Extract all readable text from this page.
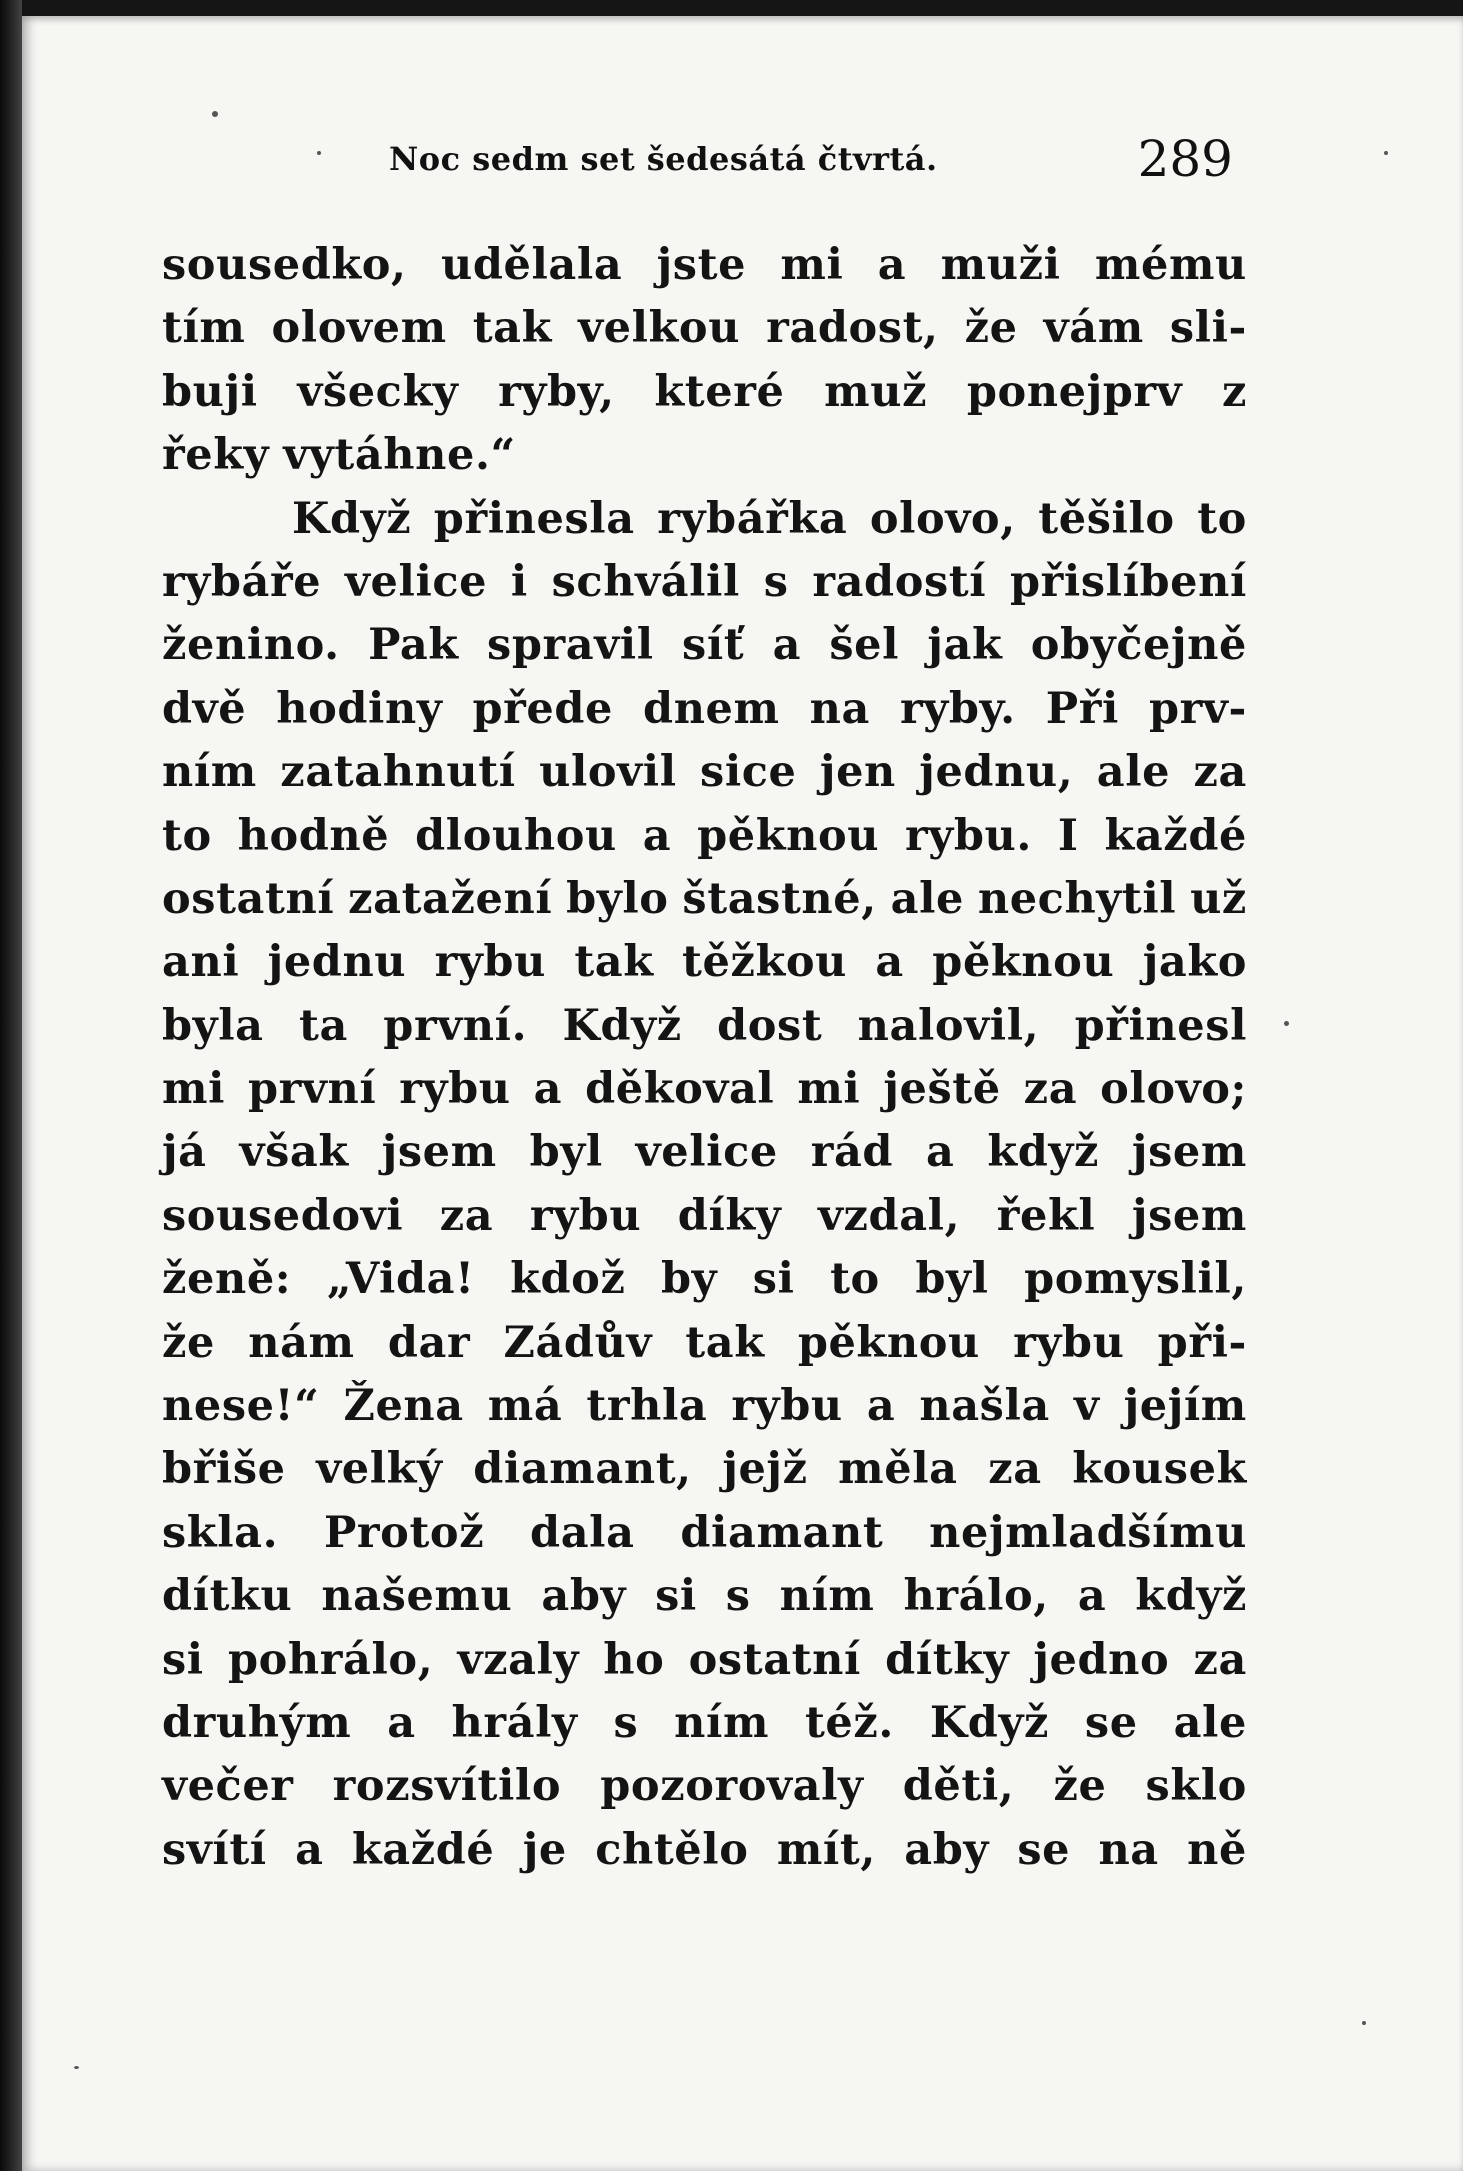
Noc sedm set šedesátá čtvrtá.	289
sousedko, udělala jste mi a muži mému
tím olovem tak velkou radost, že vám sli-
buji všecky ryby, které muž ponejprv z
řeky vytáhne.“
Když přinesla rybářka olovo, těšilo to
rybáře velice i schválil s radostí přislíbení
ženino. Pak spravil síť a šel jak obyčejně
dvě hodiny přede dnem na ryby. Při prv-
ním zatahnutí ulovil sice jen jednu, ale za
to hodně dlouhou a pěknou rybu. I každé
ostatní zatažení bylo štastné, ale nechytil už
ani jednu rybu tak těžkou a pěknou jako
byla ta první. Když dost nalovil, přinesl
mi první rybu a děkoval mi ještě za olovo;
já však jsem byl velice rád a když jsem
sousedovi za rybu díky vzdal, řekl jsem
ženě: „Vida! kdož by si to byl pomyslil,
že nám dar Zádův tak pěknou rybu při-
nese!“ Žena má trhla rybu a našla v jejím
břiše velký diamant, jejž měla za kousek
skla. Protož dala diamant nejmladšímu
dítku našemu aby si s ním hrálo, a když
si pohrálo, vzaly ho ostatní dítky jedno za
druhým a hrály s ním též. Když se ale
večer rozsvítilo pozorovaly děti, že sklo
svítí a každé je chtělo mít, aby se na ně
